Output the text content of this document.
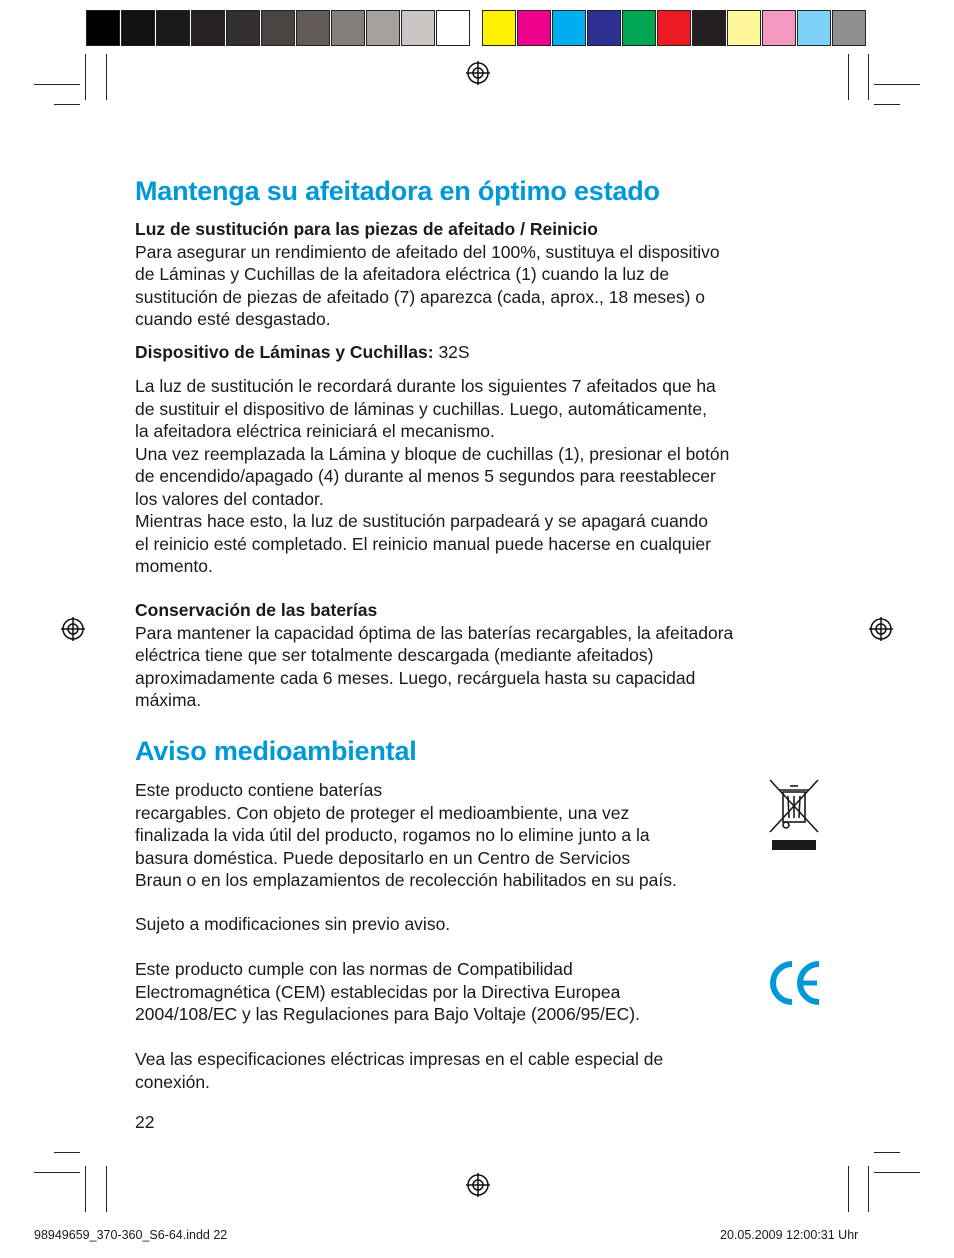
Mantenga su afeitadora en óptimo estado

Luz de sustitución para las piezas de afeitado / Reinicio

Para asegurar un rendimiento de afeitado del 100%, sustituya el dispositivo

de Láminas y Cuchillas de la afeitadora eléctrica (1) cuando la luz de

sustitución de piezas de afeitado (7) aparezca (cada, aprox., 18 meses) o

cuando esté desgastado.

Dispositivo de Láminas y Cuchillas: 32S

La luz de sustitución le recordará durante los siguientes 7 afeitados que ha

de sustituir el dispositivo de láminas y cuchillas. Luego, automáticamente,

la afeitadora eléctrica reiniciará el mecanismo.

Una vez reemplazada la Lámina y bloque de cuchillas (1), presionar el botón

de encendido/apagado (4) durante al menos 5 segundos para reestablecer

los valores del contador.

Mientras hace esto, la luz de sustitución parpadeará y se apagará cuando

el reinicio esté completado. El reinicio manual puede hacerse en cualquier

momento.

Conservación de las baterías

Para mantener la capacidad óptima de las baterías recargables, la afeitadora

eléctrica tiene que ser totalmente descargada (mediante afeitados)

aproximadamente cada 6 meses. Luego, recárguela hasta su capacidad

máxima.

Aviso medioambiental

Este producto contiene baterías

recargables. Con objeto de proteger el medioambiente, una vez

finalizada la vida útil del producto, rogamos no lo elimine junto a la

basura doméstica. Puede depositarlo en un Centro de Servicios

Braun o en los emplazamientos de recolección habilitados en su país.

Sujeto a modificaciones sin previo aviso.

Este producto cumple con las normas de Compatibilidad

Electromagnética (CEM) establecidas por la Directiva Europea

2004/108/EC y las Regulaciones para Bajo Voltaje (2006/95/EC).

Vea las especificaciones eléctricas impresas en el cable especial de

conexión.

22

98949659_370-360_S6-64.indd 22	20.05.2009 12:00:31 Uhr
